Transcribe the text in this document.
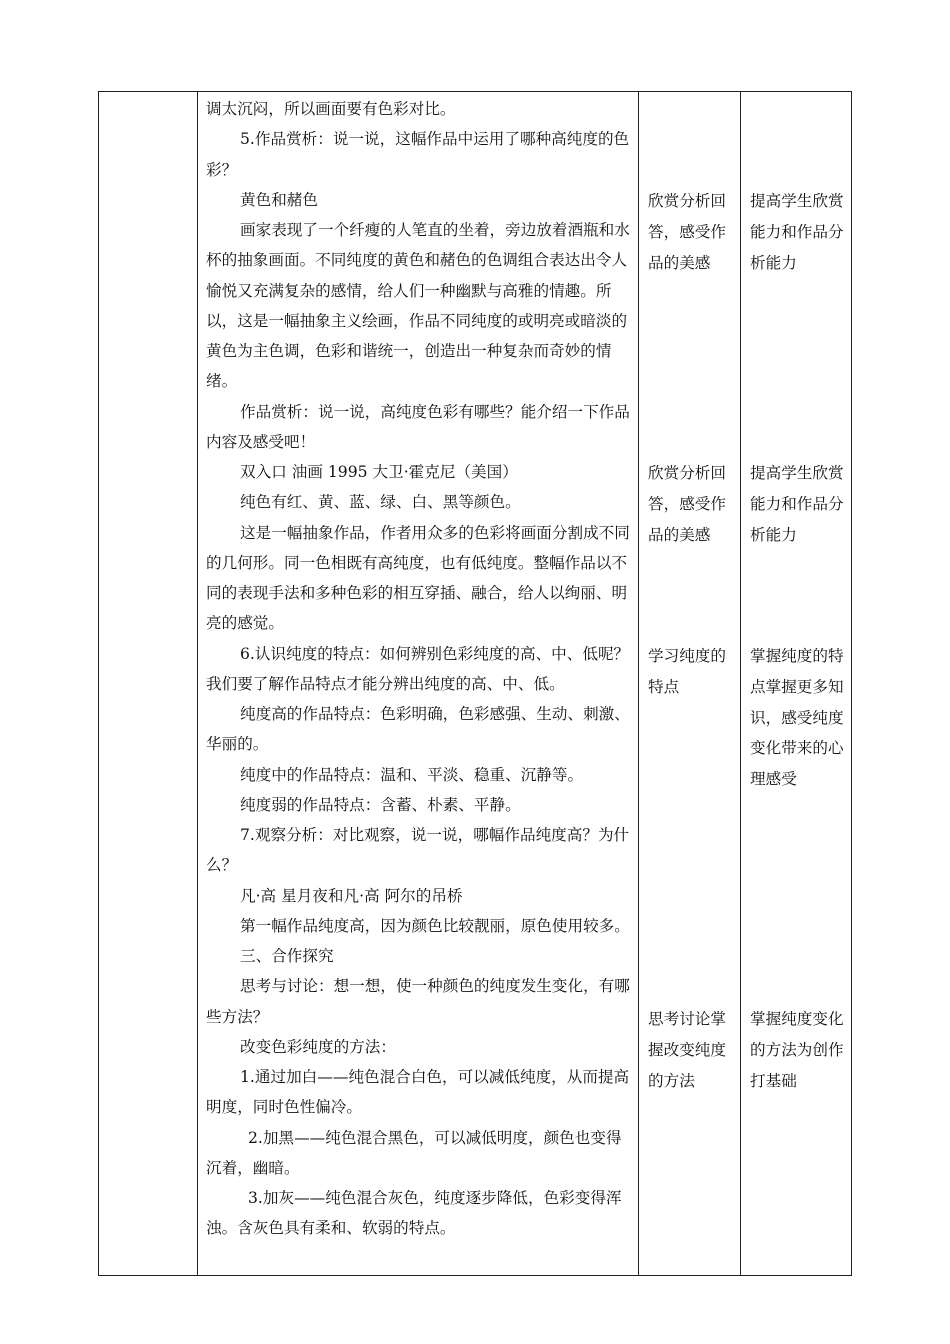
调太沉闷，所以画面要有色彩对比。

5.作品赏析：说一说，这幅作品中运用了哪种高纯度的色彩？

黄色和赭色

画家表现了一个纤瘦的人笔直的坐着，旁边放着酒瓶和水杯的抽象画面。不同纯度的黄色和赭色的色调组合表达出令人愉悦又充满复杂的感情，给人们一种幽默与高雅的情趣。所以，这是一幅抽象主义绘画，作品不同纯度的或明亮或暗淡的黄色为主色调，色彩和谐统一，创造出一种复杂而奇妙的情绪。

作品赏析：说一说，高纯度色彩有哪些？能介绍一下作品内容及感受吧！

双入口 油画 1995 大卫·霍克尼（美国）

纯色有红、黄、蓝、绿、白、黑等颜色。

这是一幅抽象作品，作者用众多的色彩将画面分割成不同的几何形。同一色相既有高纯度，也有低纯度。整幅作品以不同的表现手法和多种色彩的相互穿插、融合，给人以绚丽、明亮的感觉。

6.认识纯度的特点：如何辨别色彩纯度的高、中、低呢？我们要了解作品特点才能分辨出纯度的高、中、低。

纯度高的作品特点：色彩明确，色彩感强、生动、刺激、华丽的。

纯度中的作品特点：温和、平淡、稳重、沉静等。

纯度弱的作品特点：含蓄、朴素、平静。

7.观察分析：对比观察，说一说，哪幅作品纯度高？为什么？

凡·高 星月夜和凡·高 阿尔的吊桥

第一幅作品纯度高，因为颜色比较靓丽，原色使用较多。

三、合作探究

思考与讨论：想一想，使一种颜色的纯度发生变化，有哪些方法？

改变色彩纯度的方法：

1.通过加白——纯色混合白色，可以减低纯度，从而提高明度，同时色性偏冷。

2.加黑——纯色混合黑色，可以减低明度，颜色也变得沉着，幽暗。

3.加灰——纯色混合灰色，纯度逐步降低，色彩变得浑浊。含灰色具有柔和、软弱的特点。

欣赏分析回答，感受作品的美感

欣赏分析回答，感受作品的美感

学习纯度的特点

思考讨论掌握改变纯度的方法

提高学生欣赏能力和作品分析能力

提高学生欣赏能力和作品分析能力

掌握纯度的特点掌握更多知识，感受纯度变化带来的心理感受

掌握纯度变化的方法为创作打基础
